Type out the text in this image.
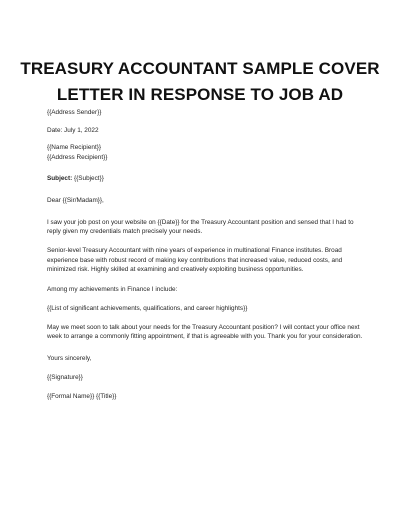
TREASURY ACCOUNTANT SAMPLE COVER
LETTER IN RESPONSE TO JOB AD

{{Address Sender}}

Date: July 1, 2022

{{Name Recipient}}

{{Address Recipient}}

Subject: {{Subject}}

Dear {{Sir/Madam}},

I saw your job post on your website on {{Date}} for the Treasury Accountant position and sensed that I had to reply given my credentials match precisely your needs.

Senior-level Treasury Accountant with nine years of experience in multinational Finance institutes. Broad experience base with robust record of making key contributions that increased value, reduced costs, and minimized risk. Highly skilled at examining and creatively exploiting business opportunities.

Among my achievements in Finance I include:

{{List of significant achievements, qualifications, and career highlights}}

May we meet soon to talk about your needs for the Treasury Accountant position? I will contact your office next week to arrange a commonly fitting appointment, if that is agreeable with you. Thank you for your consideration.

Yours sincerely,

{{Signature}}

{{Formal Name}} {{Title}}
